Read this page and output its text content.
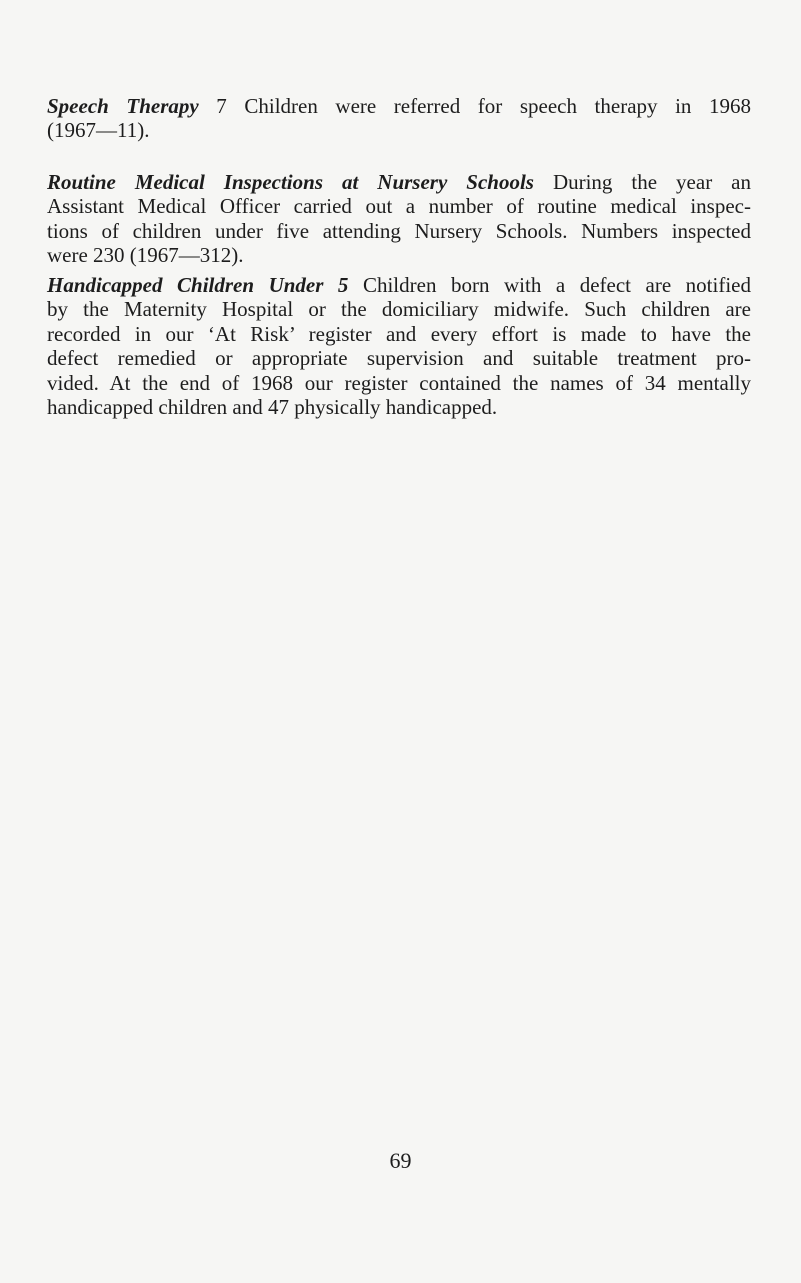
Speech Therapy 7 Children were referred for speech therapy in 1968
(1967—11).
Routine Medical Inspections at Nursery Schools During the year an
Assistant Medical Officer carried out a number of routine medical inspec-
tions of children under five attending Nursery Schools. Numbers inspected
were 230 (1967—312).
Handicapped Children Under 5 Children born with a defect are notified
by the Maternity Hospital or the domiciliary midwife. Such children are
recorded in our ‘At Risk’ register and every effort is made to have the
defect remedied or appropriate supervision and suitable treatment pro-
vided. At the end of 1968 our register contained the names of 34 mentally
handicapped children and 47 physically handicapped.
69
